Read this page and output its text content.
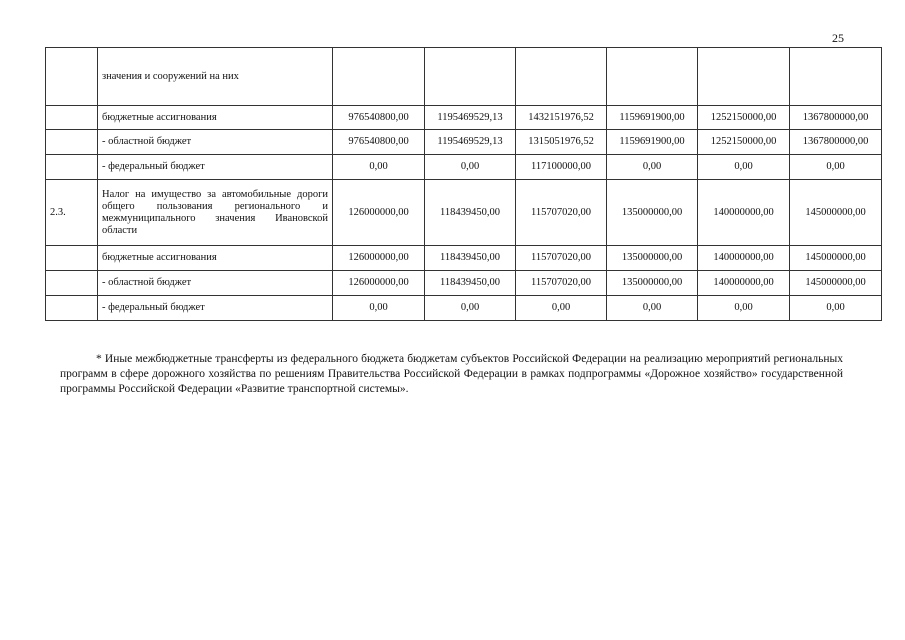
25
	значения и сооружений на них						
	бюджетные ассигнования	976540800,00	1195469529,13	1432151976,52	1159691900,00	1252150000,00	1367800000,00
	- областной бюджет	976540800,00	1195469529,13	1315051976,52	1159691900,00	1252150000,00	1367800000,00
	- федеральный бюджет	0,00	0,00	117100000,00	0,00	0,00	0,00
2.3.	Налог на имущество за автомобильные дороги общего пользования регионального и межмуниципального значения Ивановской области	126000000,00	118439450,00	115707020,00	135000000,00	140000000,00	145000000,00
	бюджетные ассигнования	126000000,00	118439450,00	115707020,00	135000000,00	140000000,00	145000000,00
	- областной бюджет	126000000,00	118439450,00	115707020,00	135000000,00	140000000,00	145000000,00
	- федеральный бюджет	0,00	0,00	0,00	0,00	0,00	0,00

* Иные межбюджетные трансферты из федерального бюджета бюджетам субъектов Российской Федерации на реализацию мероприятий региональных программ в сфере дорожного хозяйства по решениям Правительства Российской Федерации в рамках подпрограммы «Дорожное хозяйство» государственной программы Российской Федерации «Развитие транспортной системы».
